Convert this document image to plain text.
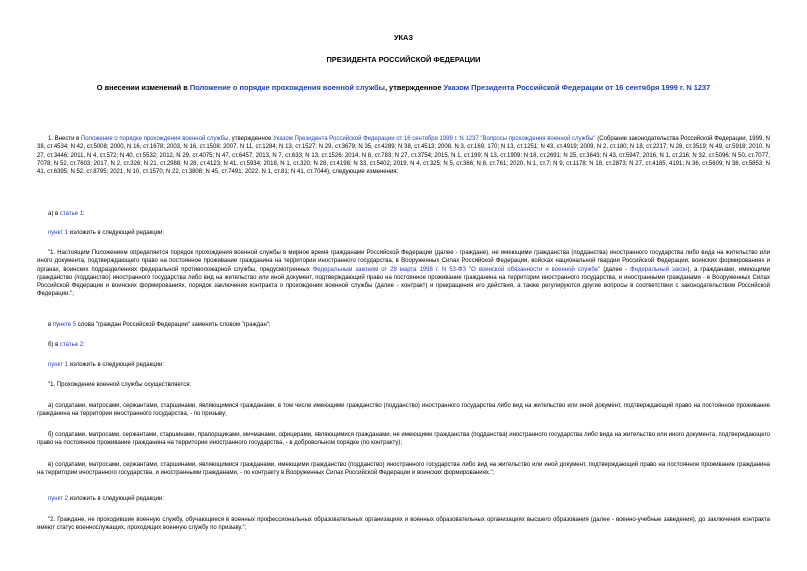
УКАЗ
ПРЕЗИДЕНТА РОССИЙСКОЙ ФЕДЕРАЦИИ
О внесении изменений в Положение о порядке прохождения военной службы, утвержденное Указом Президента Российской Федерации от 16 сентября 1999 г. N 1237
1. Внести в Положение о порядке прохождения военной службы, утвержденное Указом Президента Российской Федерации от 16 сентября 1999 г. N 1237 "Вопросы прохождения военной службы" (Собрание законодательства Российской Федерации, 1999, N 38, ст.4534; N 42, ст.5008; 2000, N 16, ст.1678; 2003, N 16, ст.1508; 2007, N 11, ст.1284; N 13, ст.1527; N 29, ст.3679; N 35, ст.4289; N 38, ст.4513; 2008, N 3, ст.169, 170; N 13, ст.1251; N 43, ст.4919; 2009, N 2, ст.180; N 18, ст.2217; N 28, ст.3519; N 49, ст.5918; 2010, N 27, ст.3446; 2011, N 4, ст.572; N 40, ст.5532; 2012, N 29, ст.4075; N 47, ст.6457; 2013, N 7, ст.633; N 13, ст.1526; 2014, N 8, ст.783; N 27, ст.3754; 2015, N 1, ст.199; N 13, ст.1909; N 18, ст.2691; N 25, ст.3643; N 43, ст.5947; 2016, N 1, ст.216; N 32, ст.5096; N 50, ст.7077, 7078; N 52, ст.7603; 2017, N 2, ст.326; N 21, ст.2988; N 28, ст.4123; N 41, ст.5934; 2018, N 1, ст.320; N 28, ст.4198; N 33, ст.5402; 2019, N 4, ст.325; N 5, ст.366; N 8, ст.761; 2020, N 1, ст.7; N 9, ст.1178; N 18, ст.2873; N 27, ст.4185, 4191; N 36, ст.5609; N 38, ст.5853; N 41, ст.6395; N 52, ст.8795; 2021, N 10, ст.1570; N 22, ст.3808; N 45, ст.7491; 2022, N 1, ст.81; N 41, ст.7044), следующие изменения:
а) в статье 1:
пункт 1 изложить в следующей редакции:
"1. Настоящим Положением определяется порядок прохождения военной службы в мирное время гражданами Российской Федерации (далее - граждане), не имеющими гражданства (подданства) иностранного государства либо вида на жительство или иного документа, подтверждающего право на постоянное проживание гражданина на территории иностранного государства, в Вооруженных Силах Российской Федерации, войсках национальной гвардии Российской Федерации, воинских формированиях и органах, воинских подразделениях федеральной противопожарной службы, предусмотренных Федеральным законом от 28 марта 1998 г. N 53-ФЗ "О воинской обязанности и военной службе" (далее - Федеральный закон), а гражданами, имеющими гражданство (подданство) иностранного государства либо вид на жительство или иной документ, подтверждающий право на постоянное проживание гражданина на территории иностранного государства, и иностранными гражданами - в Вооруженных Силах Российской Федерации и воинских формированиях, порядок заключения контракта о прохождении военной службы (далее - контракт) и прекращения его действия, а также регулируются другие вопросы в соответствии с законодательством Российской Федерации.";
в пункте 5 слова "граждан Российской Федерации" заменить словом "граждан";
б) в статье 2:
пункт 1 изложить в следующей редакции:
"1. Прохождение военной службы осуществляется:
а) солдатами, матросами, сержантами, старшинами, являющимися гражданами, в том числе имеющими гражданство (подданство) иностранного государства либо вид на жительство или иной документ, подтверждающий право на постоянное проживание гражданина на территории иностранного государства, - по призыву;
б) солдатами, матросами, сержантами, старшинами, прапорщиками, мичманами, офицерами, являющимися гражданами, не имеющими гражданства (подданства) иностранного государства либо вида на жительство или иного документа, подтверждающего право на постоянное проживание гражданина на территории иностранного государства, - в добровольном порядке (по контракту);
в) солдатами, матросами, сержантами, старшинами, являющимися гражданами, имеющими гражданство (подданство) иностранного государства либо вид на жительство или иной документ, подтверждающий право на постоянное проживание гражданина на территории иностранного государства, и иностранными гражданами, - по контракту в Вооруженных Силах Российской Федерации и воинских формированиях.";
пункт 2 изложить в следующей редакции:
"2. Граждане, не проходившие военную службу, обучающиеся в военных профессиональных образовательных организациях и военных образовательных организациях высшего образования (далее - военно-учебные заведения), до заключения контракта имеют статус военнослужащих, проходящих военную службу по призыву.";
